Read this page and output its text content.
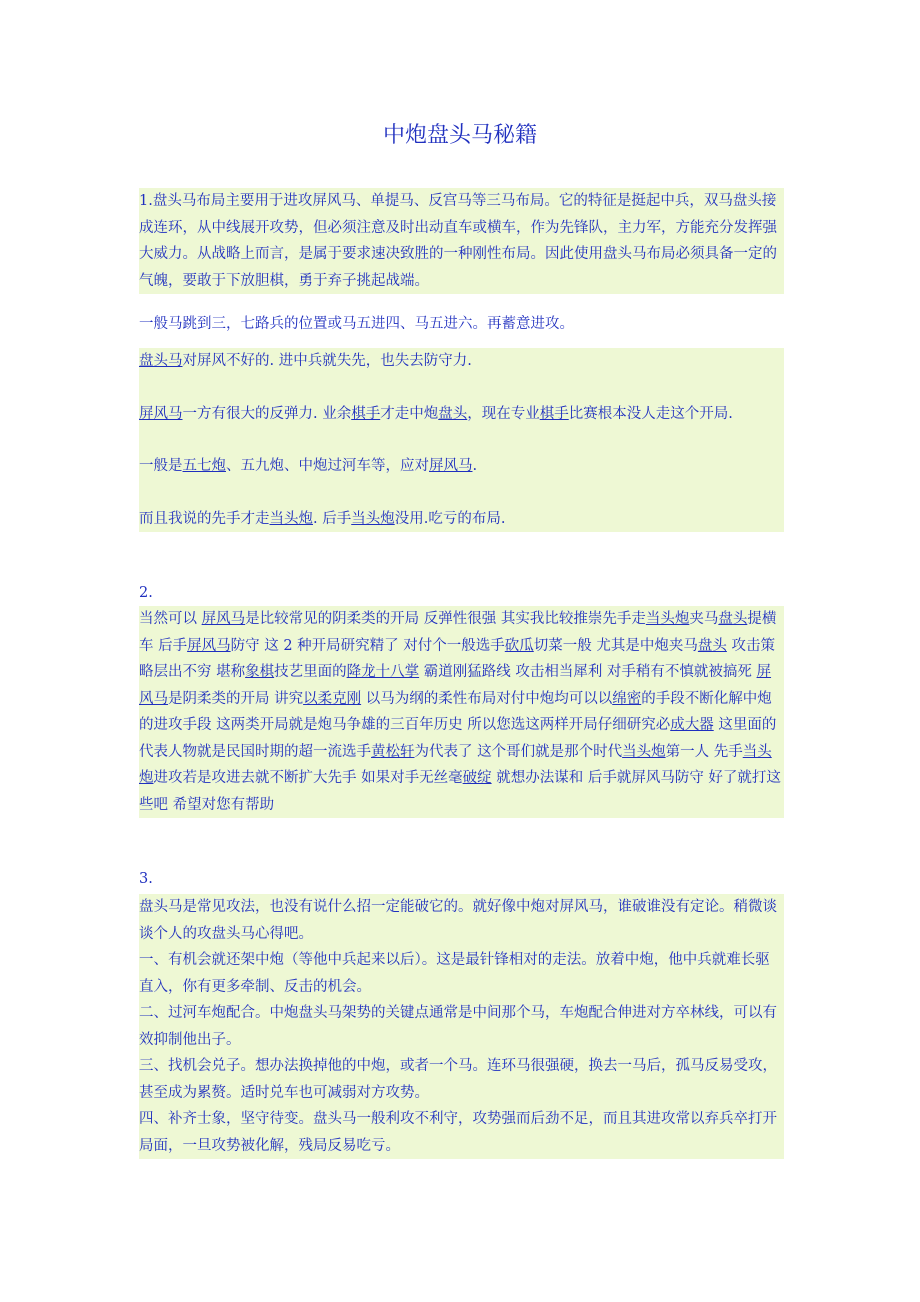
中炮盘头马秘籍

1.盘头马布局主要用于进攻屏风马、单提马、反宫马等三马布局。它的特征是挺起中兵，双马盘头接成连环，从中线展开攻势，但必须注意及时出动直车或横车，作为先锋队，主力军，方能充分发挥强大威力。从战略上而言，是属于要求速决致胜的一种刚性布局。因此使用盘头马布局必须具备一定的气魄，要敢于下放胆棋，勇于弃子挑起战端。

一般马跳到三，七路兵的位置或马五进四、马五进六。再蓄意进攻。

盘头马对屏风不好的. 进中兵就失先，也失去防守力.

屏风马一方有很大的反弹力. 业余棋手才走中炮盘头，现在专业棋手比赛根本没人走这个开局.

一般是五七炮、五九炮、中炮过河车等，应对屏风马.

而且我说的先手才走当头炮. 后手当头炮没用.吃亏的布局.

2.

当然可以 屏风马是比较常见的阴柔类的开局 反弹性很强 其实我比较推崇先手走当头炮夹马盘头提横车 后手屏风马防守 这 2 种开局研究精了 对付个一般选手砍瓜切菜一般 尤其是中炮夹马盘头 攻击策略层出不穷 堪称象棋技艺里面的降龙十八掌 霸道刚猛路线 攻击相当犀利 对手稍有不慎就被搞死 屏风马是阴柔类的开局 讲究以柔克刚 以马为纲的柔性布局对付中炮均可以以绵密的手段不断化解中炮的进攻手段 这两类开局就是炮马争雄的三百年历史 所以您选这两样开局仔细研究必成大器 这里面的代表人物就是民国时期的超一流选手黄松轩为代表了 这个哥们就是那个时代当头炮第一人 先手当头炮进攻若是攻进去就不断扩大先手 如果对手无丝毫破绽 就想办法谋和 后手就屏风马防守 好了就打这些吧 希望对您有帮助

3.

盘头马是常见攻法，也没有说什么招一定能破它的。就好像中炮对屏风马，谁破谁没有定论。稍微谈谈个人的攻盘头马心得吧。

一、有机会就还架中炮（等他中兵起来以后）。这是最针锋相对的走法。放着中炮，他中兵就难长驱直入，你有更多牵制、反击的机会。

二、过河车炮配合。中炮盘头马架势的关键点通常是中间那个马，车炮配合伸进对方卒林线，可以有效抑制他出子。

三、找机会兑子。想办法换掉他的中炮，或者一个马。连环马很强硬，换去一马后，孤马反易受攻，甚至成为累赘。适时兑车也可减弱对方攻势。

四、补齐士象，坚守待变。盘头马一般利攻不利守，攻势强而后劲不足，而且其进攻常以弃兵卒打开局面，一旦攻势被化解，残局反易吃亏。
